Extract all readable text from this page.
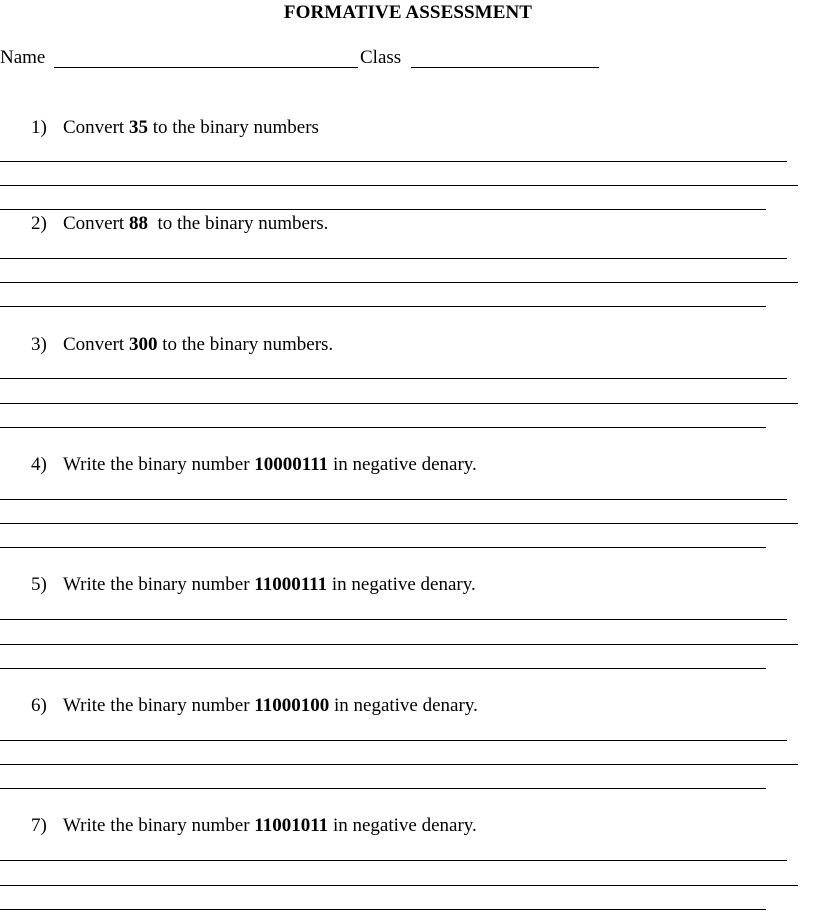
FORMATIVE ASSESSMENT
Name	Class
1) Convert 35 to the binary numbers
2) Convert 88  to the binary numbers.
3) Convert 300 to the binary numbers.
4) Write the binary number 10000111 in negative denary.
5) Write the binary number 11000111 in negative denary.
6) Write the binary number 11000100 in negative denary.
7) Write the binary number 11001011 in negative denary.
